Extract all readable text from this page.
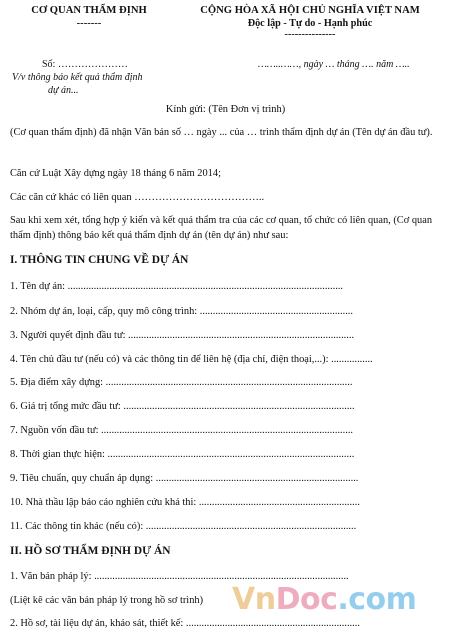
CƠ QUAN THẨM ĐỊNH
-------
CỘNG HÒA XÃ HỘI CHỦ NGHĨA VIỆT NAM
Độc lập - Tự do - Hạnh phúc
---------------
Số: …………………	……..……, ngày … tháng …. năm …..
V/v thông báo kết quả thẩm định
dự án...
Kính gửi: (Tên Đơn vị trình)
(Cơ quan thẩm định) đã nhận Văn bản số … ngày ... của … trình thẩm định dự án (Tên dự án đầu tư).
Căn cứ Luật Xây dựng ngày 18 tháng 6 năm 2014;
Các căn cứ khác có liên quan ………………………………..
Sau khi xem xét, tổng hợp ý kiến và kết quả thẩm tra của các cơ quan, tổ chức có liên quan, (Cơ quan thẩm định) thông báo kết quả thẩm định dự án (tên dự án) như sau:
I. THÔNG TIN CHUNG VỀ DỰ ÁN
1. Tên dự án: ..........................................................................................................
2. Nhóm dự án, loại, cấp, quy mô công trình: ...........................................................
3. Người quyết định đầu tư: .......................................................................................
4. Tên chủ đầu tư (nếu có) và các thông tin để liên hệ (địa chỉ, điện thoại,...): ................
5. Địa điểm xây dựng: ...............................................................................................
6. Giá trị tổng mức đầu tư: .........................................................................................
7. Nguồn vốn đầu tư: .................................................................................................
8. Thời gian thực hiện: ...............................................................................................
9. Tiêu chuẩn, quy chuẩn áp dụng: ..............................................................................
10. Nhà thầu lập báo cáo nghiên cứu khả thi: ..............................................................
11. Các thông tin khác (nếu có): .................................................................................
II. HỒ SƠ THẨM ĐỊNH DỰ ÁN
1. Văn bản pháp lý: ..................................................................................................
(Liệt kê các văn bản pháp lý trong hồ sơ trình)
2. Hồ sơ, tài liệu dự án, khảo sát, thiết kế: ...................................................................
VnDoc.com
